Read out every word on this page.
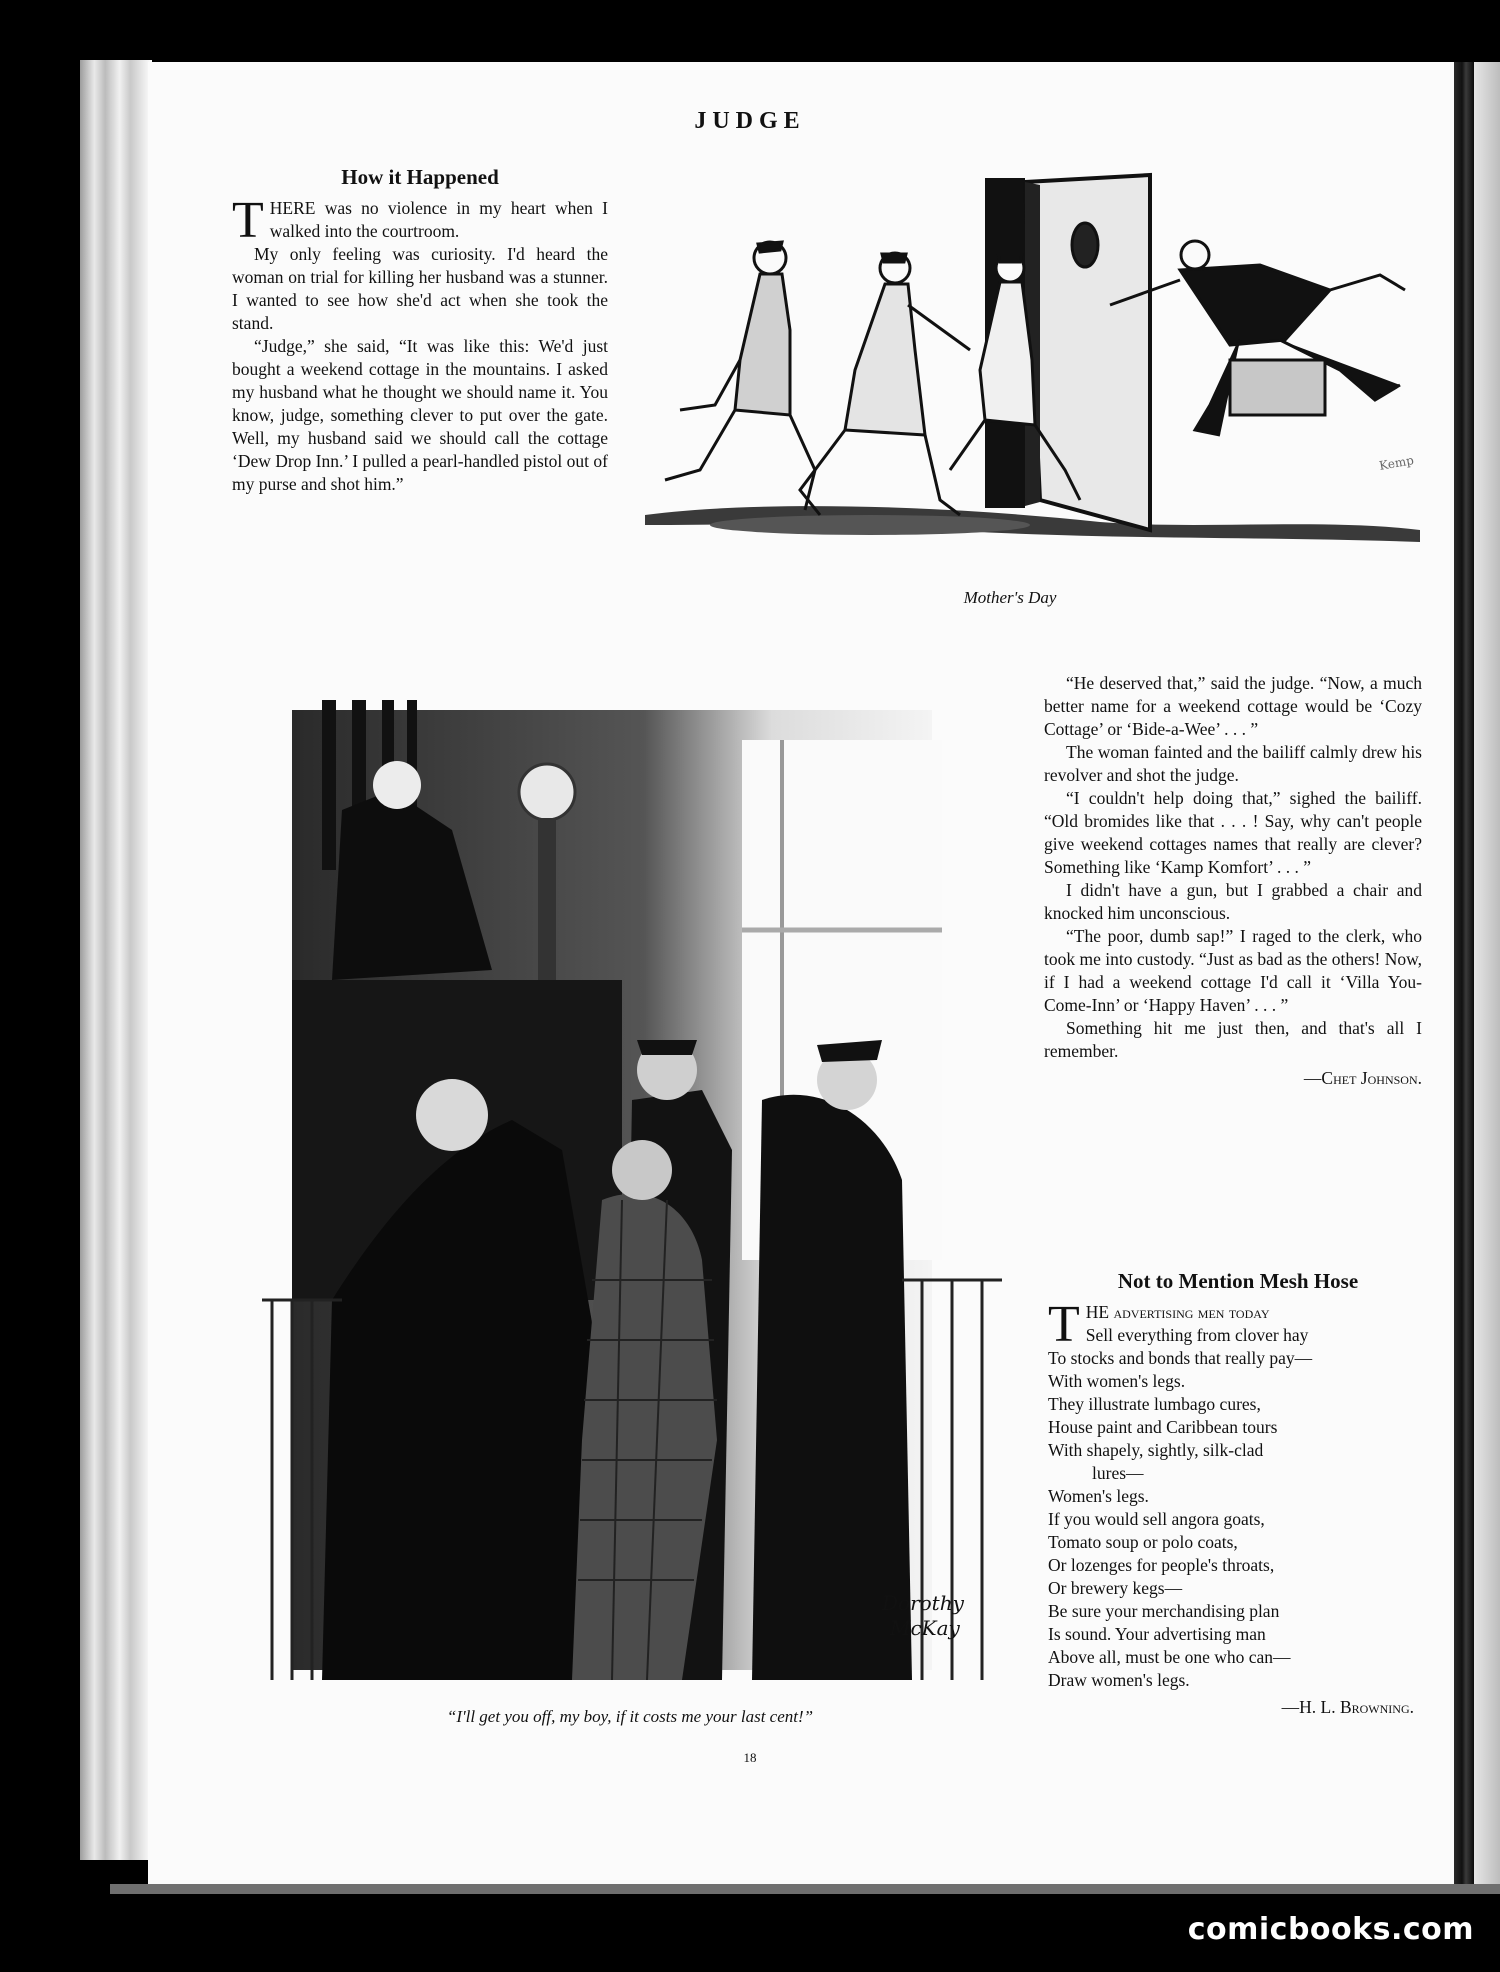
JUDGE
How it Happened

THERE was no violence in my heart when I walked into the courtroom.

My only feeling was curiosity. I'd heard the woman on trial for killing her husband was a stunner. I wanted to see how she'd act when she took the stand.

“Judge,” she said, “It was like this: We'd just bought a weekend cottage in the mountains. I asked my husband what he thought we should name it. You know, judge, something clever to put over the gate. Well, my husband said we should call the cottage ‘Dew Drop Inn.’ I pulled a pearl-handled pistol out of my purse and shot him.”

Kemp
Mother's Day
Dorothy
McKay
“I'll get you off, my boy, if it costs me your last cent!”

“He deserved that,” said the judge. “Now, a much better name for a weekend cottage would be ‘Cozy Cottage’ or ‘Bide-a-Wee’ . . . ”

The woman fainted and the bailiff calmly drew his revolver and shot the judge.

“I couldn't help doing that,” sighed the bailiff. “Old bromides like that . . . ! Say, why can't people give weekend cottages names that really are clever? Something like ‘Kamp Komfort’ . . . ”

I didn't have a gun, but I grabbed a chair and knocked him unconscious.

“The poor, dumb sap!” I raged to the clerk, who took me into custody. “Just as bad as the others! Now, if I had a weekend cottage I'd call it ‘Villa You-Come-Inn’ or ‘Happy Haven’ . . . ”

Something hit me just then, and that's all I remember.

—Chet Johnson.
Not to Mention Mesh Hose
THE advertising men today
Sell everything from clover hay
To stocks and bonds that really pay—
With women's legs.
They illustrate lumbago cures,
House paint and Caribbean tours
With shapely, sightly, silk-clad
lures—
Women's legs.
If you would sell angora goats,
Tomato soup or polo coats,
Or lozenges for people's throats,
Or brewery kegs—
Be sure your merchandising plan
Is sound. Your advertising man
Above all, must be one who can—
Draw women's legs.
—H. L. Browning.
18
comicbooks.com
